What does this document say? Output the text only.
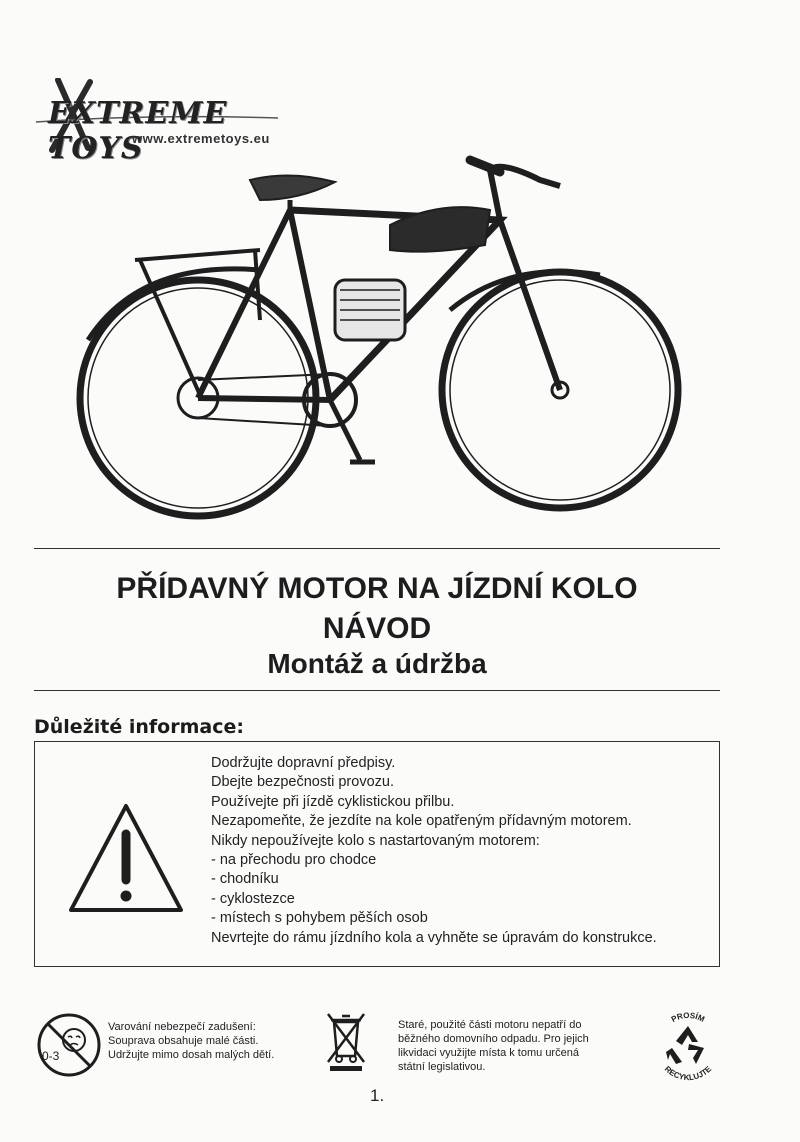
EXTREME TOYS
www.extremetoys.eu
PŘÍDAVNÝ MOTOR NA JÍZDNÍ KOLO
NÁVOD
Montáž a údržba
Důležité informace:
Dodržujte dopravní předpisy.
Dbejte bezpečnosti provozu.
Používejte při jízdě cyklistickou přilbu.
Nezapomeňte, že jezdíte na kole opatřeným přídavným motorem.
Nikdy nepoužívejte kolo s nastartovaným motorem:
- na přechodu pro chodce
- chodníku
- cyklostezce
- místech s pohybem pěších osob
Nevrtejte do rámu jízdního kola a vyhněte se úpravám do konstrukce.
0-3
Varování nebezpečí zadušení:
Souprava obsahuje malé části.
Udržujte mimo dosah malých dětí.
Staré, použité části motoru nepatří do
běžného domovního odpadu. Pro jejich
likvidaci využijte místa k tomu určená
státní legislativou.
PROSÍM
RECYKLUJTE
1.
